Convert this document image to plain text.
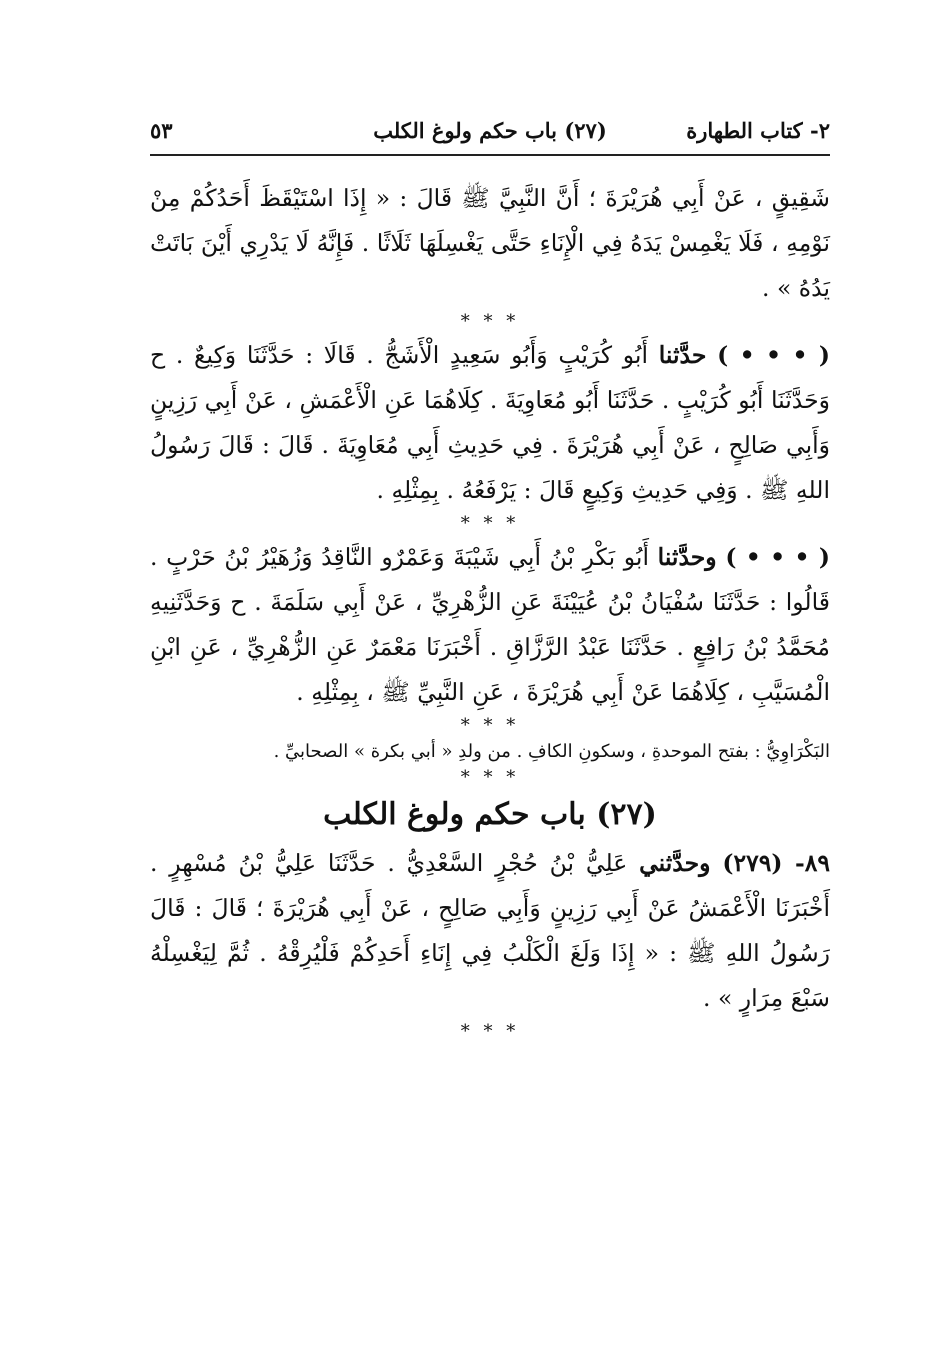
٢- كتاب الطهارة
(٢٧) باب حكم ولوغ الكلب
٥٣

شَقِيقٍ ، عَنْ أَبِي هُرَيْرَةَ ؛ أَنَّ النَّبِيَّ ﷺ قَالَ : « إِذَا اسْتَيْقَظَ أَحَدُكُمْ مِنْ نَوْمِهِ ، فَلَا يَغْمِسْ يَدَهُ فِي الْإِنَاءِ حَتَّى يَغْسِلَهَا ثَلَاثًا . فَإِنَّهُ لَا يَدْرِي أَيْنَ بَاتَتْ يَدُهُ » .

* * *

( • • • ) حدَّثنا أَبُو كُرَيْبٍ وَأَبُو سَعِيدٍ الْأَشَجُّ . قَالَا : حَدَّثَنَا وَكِيعٌ . ح وَحَدَّثَنَا أَبُو كُرَيْبٍ . حَدَّثَنَا أَبُو مُعَاوِيَةَ . كِلَاهُمَا عَنِ الْأَعْمَشِ ، عَنْ أَبِي رَزِينٍ وَأَبِي صَالِحٍ ، عَنْ أَبِي هُرَيْرَةَ . فِي حَدِيثِ أَبِي مُعَاوِيَةَ . قَالَ : قَالَ رَسُولُ اللهِ ﷺ . وَفِي حَدِيثِ وَكِيعٍ قَالَ : يَرْفَعُهُ . بِمِثْلِهِ .

* * *

( • • • ) وحدَّثنا أَبُو بَكْرِ بْنُ أَبِي شَيْبَةَ وَعَمْرٌو النَّاقِدُ وَزُهَيْرُ بْنُ حَرْبٍ . قَالُوا : حَدَّثَنَا سُفْيَانُ بْنُ عُيَيْنَةَ عَنِ الزُّهْرِيِّ ، عَنْ أَبِي سَلَمَةَ . ح وَحَدَّثَنِيهِ مُحَمَّدُ بْنُ رَافِعٍ . حَدَّثَنَا عَبْدُ الرَّزَّاقِ . أَخْبَرَنَا مَعْمَرٌ عَنِ الزُّهْرِيِّ ، عَنِ ابْنِ الْمُسَيَّبِ ، كِلَاهُمَا عَنْ أَبِي هُرَيْرَةَ ، عَنِ النَّبِيِّ ﷺ ، بِمِثْلِهِ .

* * *

البَكْرَاوِيُّ : بفتح الموحدةِ ، وسكونِ الكافِ . من ولدِ « أبي بكرة » الصحابيِّ .

* * *

(٢٧) باب حكم ولوغ الكلب

٨٩- (٢٧٩) وحدَّثني عَلِيُّ بْنُ حُجْرٍ السَّعْدِيُّ . حَدَّثَنَا عَلِيُّ بْنُ مُسْهِرٍ . أَخْبَرَنَا الْأَعْمَشُ عَنْ أَبِي رَزِينٍ وَأَبِي صَالِحٍ ، عَنْ أَبِي هُرَيْرَةَ ؛ قَالَ : قَالَ رَسُولُ اللهِ ﷺ : « إِذَا وَلَغَ الْكَلْبُ فِي إِنَاءِ أَحَدِكُمْ فَلْيُرِقْهُ . ثُمَّ لِيَغْسِلْهُ سَبْعَ مِرَارٍ » .

* * *
